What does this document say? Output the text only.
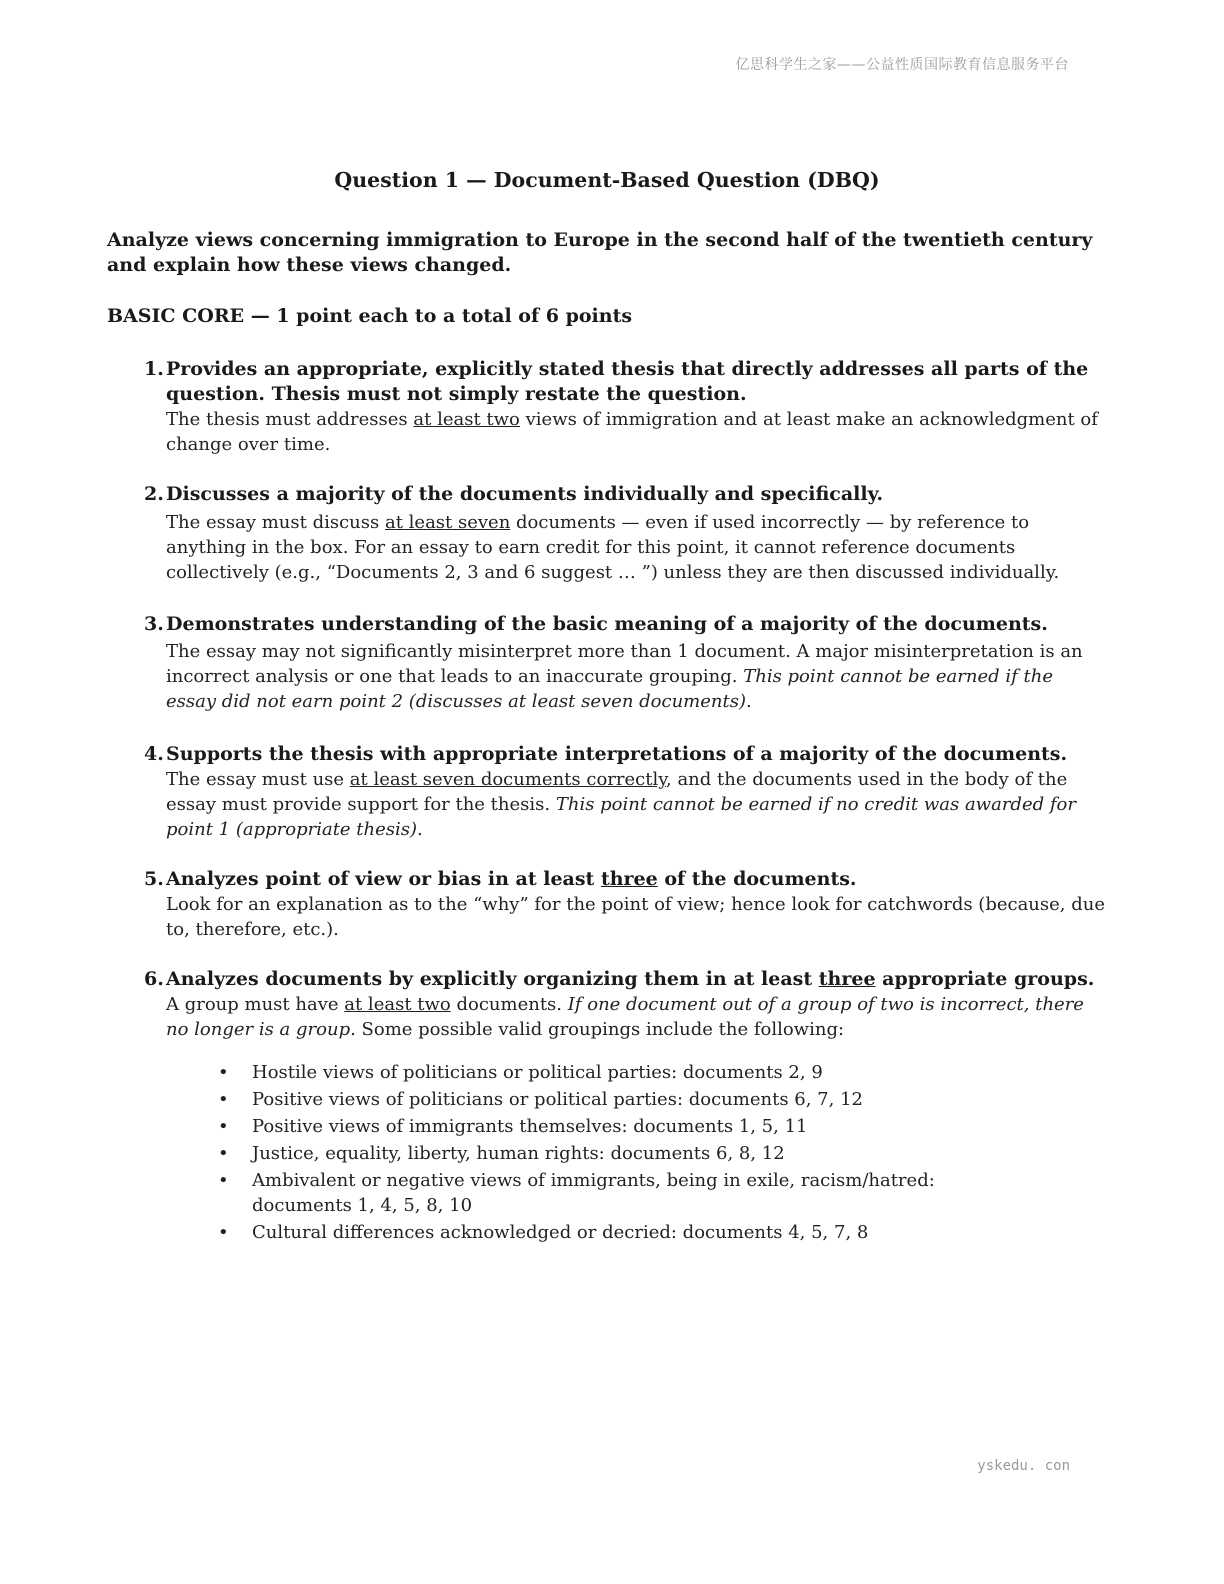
亿思科学生之家——公益性质国际教育信息服务平台
Question 1 — Document-Based Question (DBQ)

Analyze views concerning immigration to Europe in the second half of the twentieth century and explain how these views changed.

BASIC CORE — 1 point each to a total of 6 points

1. Provides an appropriate, explicitly stated thesis that directly addresses all parts of the question. Thesis must not simply restate the question.
The thesis must addresses at least two views of immigration and at least make an acknowledgment of change over time.
2. Discusses a majority of the documents individually and specifically.
The essay must discuss at least seven documents — even if used incorrectly — by reference to anything in the box. For an essay to earn credit for this point, it cannot reference documents collectively (e.g., “Documents 2, 3 and 6 suggest … ”) unless they are then discussed individually.
3. Demonstrates understanding of the basic meaning of a majority of the documents.
The essay may not significantly misinterpret more than 1 document. A major misinterpretation is an incorrect analysis or one that leads to an inaccurate grouping. This point cannot be earned if the essay did not earn point 2 (discusses at least seven documents).
4. Supports the thesis with appropriate interpretations of a majority of the documents.
The essay must use at least seven documents correctly, and the documents used in the body of the essay must provide support for the thesis. This point cannot be earned if no credit was awarded for point 1 (appropriate thesis).
5. Analyzes point of view or bias in at least three of the documents.
Look for an explanation as to the “why” for the point of view; hence look for catchwords (because, due to, therefore, etc.).
6. Analyzes documents by explicitly organizing them in at least three appropriate groups.
A group must have at least two documents. If one document out of a group of two is incorrect, there no longer is a group. Some possible valid groupings include the following:
• Hostile views of politicians or political parties: documents 2, 9
• Positive views of politicians or political parties: documents 6, 7, 12
• Positive views of immigrants themselves: documents 1, 5, 11
• Justice, equality, liberty, human rights: documents 6, 8, 12
• Ambivalent or negative views of immigrants, being in exile, racism/hatred: documents 1, 4, 5, 8, 10
• Cultural differences acknowledged or decried: documents 4, 5, 7, 8
yskedu. con
